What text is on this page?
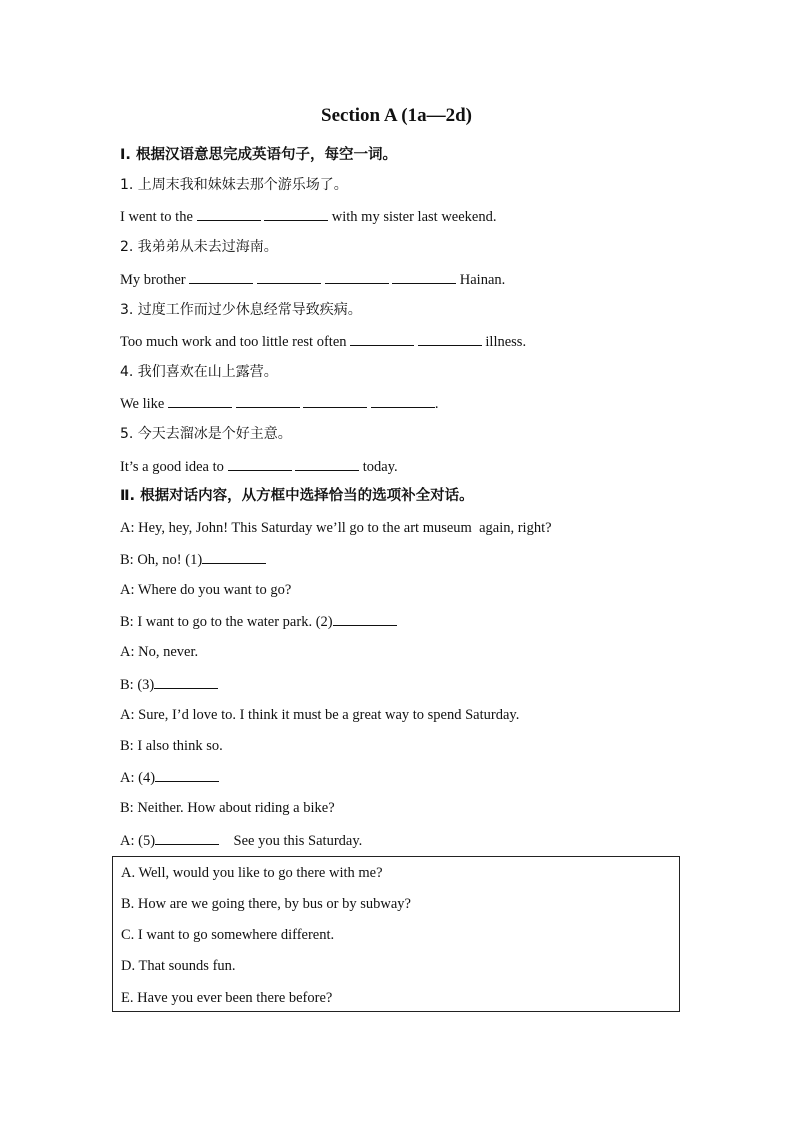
Section A (1a—2d)
Ⅰ. 根据汉语意思完成英语句子，每空一词。
1. 上周末我和妹妹去那个游乐场了。
I went to the	with my sister last weekend.
2. 我弟弟从未去过海南。
My brother	Hainan.
3. 过度工作而过少休息经常导致疾病。
Too much work and too little rest often	illness.
4. 我们喜欢在山上露营。
We like	.
5. 今天去溜冰是个好主意。
It’s a good idea to	today.
Ⅱ. 根据对话内容，从方框中选择恰当的选项补全对话。
A: Hey, hey, John! This Saturday we’ll go to the art museum  again, right?
B: Oh, no! (1)
A: Where do you want to go?
B: I want to go to the water park. (2)
A: No, never.
B: (3)
A: Sure, I’d love to. I think it must be a great way to spend Saturday.
B: I also think so.
A: (4)
B: Neither. How about riding a bike?
A: (5)	See you this Saturday.
A. Well, would you like to go there with me?
B. How are we going there, by bus or by subway?
C. I want to go somewhere different.
D. That sounds fun.
E. Have you ever been there before?
